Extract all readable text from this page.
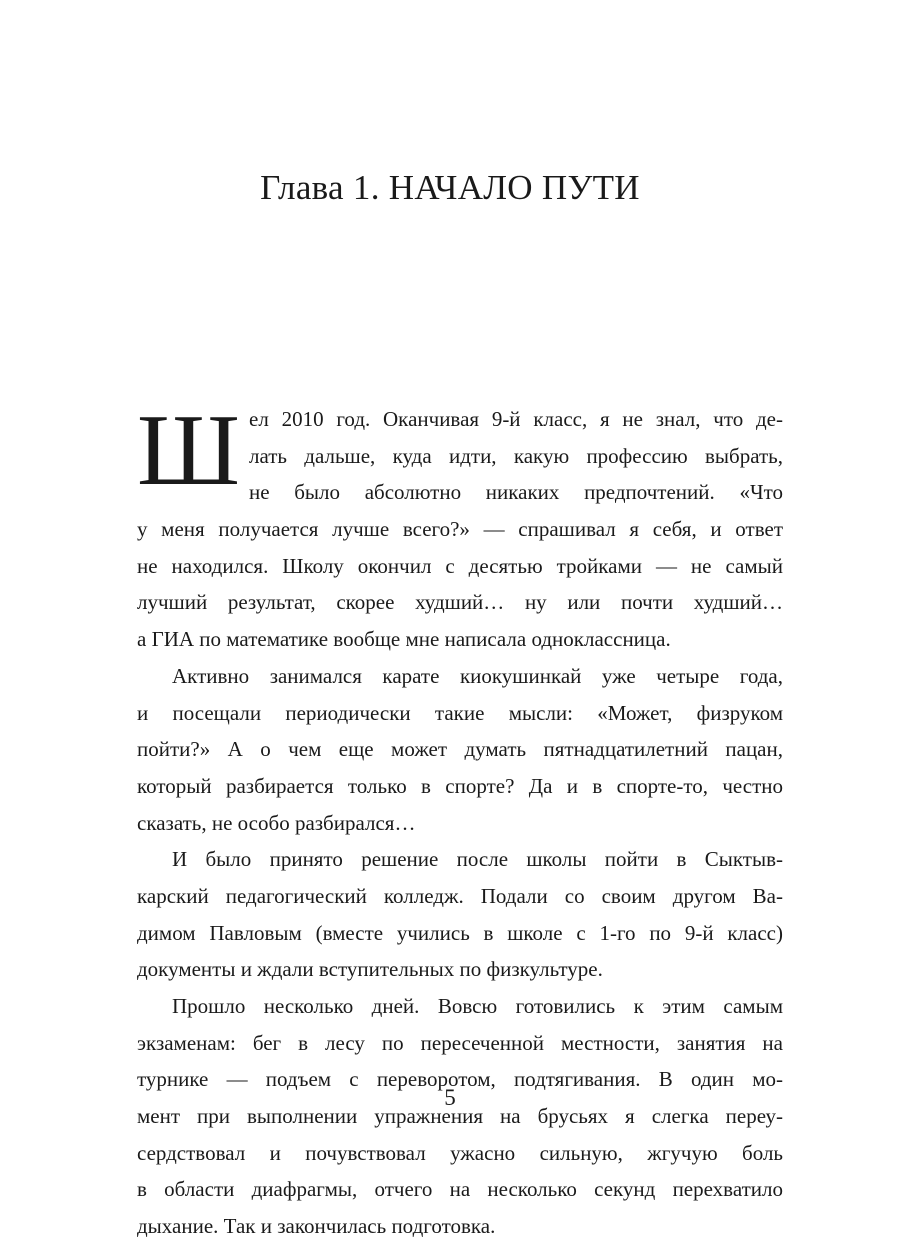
Глава 1. НАЧАЛО ПУТИ
Ш ел 2010 год. Оканчивая 9-й класс, я не знал, что де-
лать дальше, куда идти, какую профессию выбрать,
не было абсолютно никаких предпочтений. «Что
у меня получается лучше всего?» — спрашивал я себя, и ответ
не находился. Школу окончил с десятью тройками — не самый
лучший результат, скорее худший… ну или почти худший…
а ГИА по математике вообще мне написала одноклассница.
Активно занимался карате киокушинкай уже четыре года,
и посещали периодически такие мысли: «Может, физруком
пойти?» А о чем еще может думать пятнадцатилетний пацан,
который разбирается только в спорте? Да и в спорте-то, честно
сказать, не особо разбирался…
И было принято решение после школы пойти в Сыктыв-
карский педагогический колледж. Подали со своим другом Ва-
димом Павловым (вместе учились в школе с 1-го по 9-й класс)
документы и ждали вступительных по физкультуре.
Прошло несколько дней. Вовсю готовились к этим самым
экзаменам: бег в лесу по пересеченной местности, занятия на
турнике — подъем с переворотом, подтягивания. В один мо-
мент при выполнении упражнения на брусьях я слегка переу-
сердствовал и почувствовал ужасно сильную, жгучую боль
в области диафрагмы, отчего на несколько секунд перехватило
дыхание. Так и закончилась подготовка.
5
